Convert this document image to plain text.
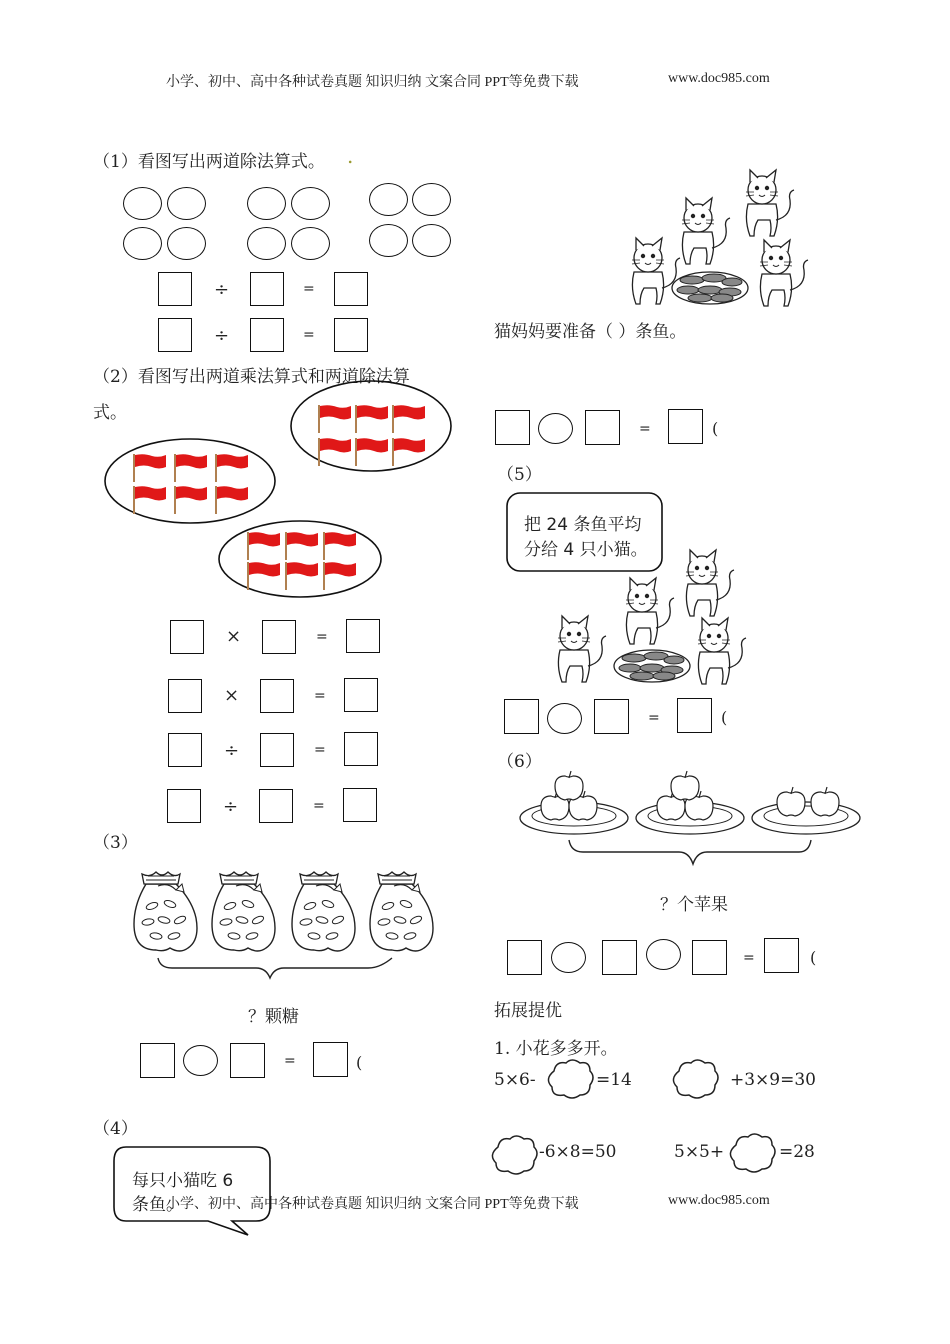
小学、初中、高中各种试卷真题 知识归纳 文案合同 PPT等免费下载	www.doc985.com
（1）看图写出两道除法算式。 .
÷	=
÷	=
（2）看图写出两道乘法算式和两道除法算
式。
×	=
×	=
÷	=
÷	=
（3）
？颗糖
=	(
（4）
每只小猫吃 6
条鱼。
猫妈妈要准备（ ）条鱼。
=	(
（5）
把 24 条鱼平均
分给 4 只小猫。
=	(
（6）
？个苹果
=	(
拓展提优
1. 小花多多开。
5×6-	=14	+3×9=30
-6×8=50	5×5+	=28
小学、初中、高中各种试卷真题 知识归纳 文案合同 PPT等免费下载	www.doc985.com
